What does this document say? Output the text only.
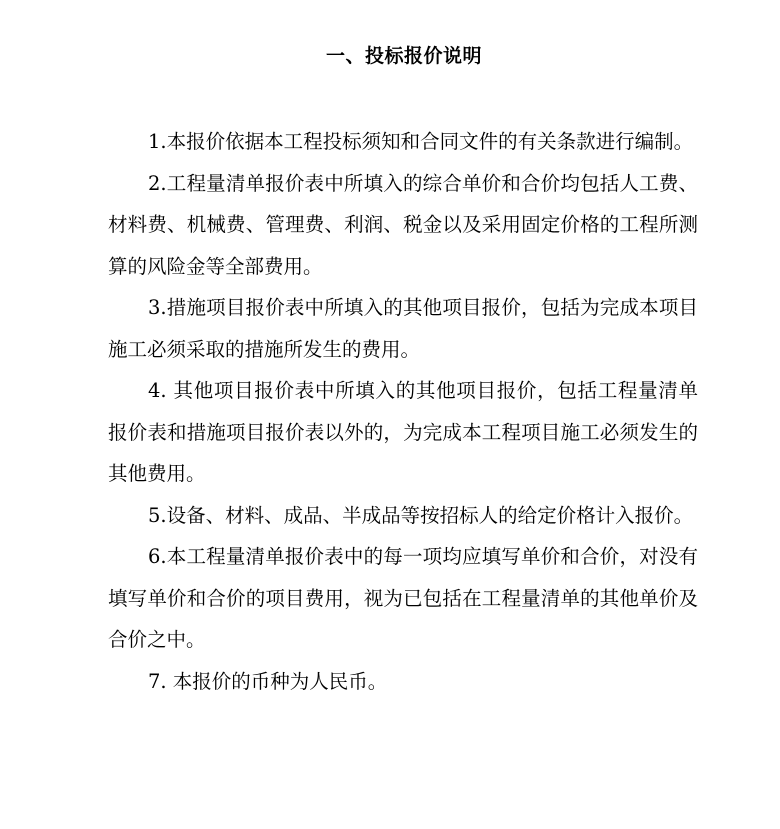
一、投标报价说明

1.本报价依据本工程投标须知和合同文件的有关条款进行编制。

2.工程量清单报价表中所填入的综合单价和合价均包括人工费、材料费、机械费、管理费、利润、税金以及采用固定价格的工程所测算的风险金等全部费用。

3.措施项目报价表中所填入的其他项目报价，包括为完成本项目施工必须采取的措施所发生的费用。

4. 其他项目报价表中所填入的其他项目报价，包括工程量清单报价表和措施项目报价表以外的，为完成本工程项目施工必须发生的其他费用。

5.设备、材料、成品、半成品等按招标人的给定价格计入报价。

6.本工程量清单报价表中的每一项均应填写单价和合价，对没有填写单价和合价的项目费用，视为已包括在工程量清单的其他单价及合价之中。

7. 本报价的币种为人民币。
